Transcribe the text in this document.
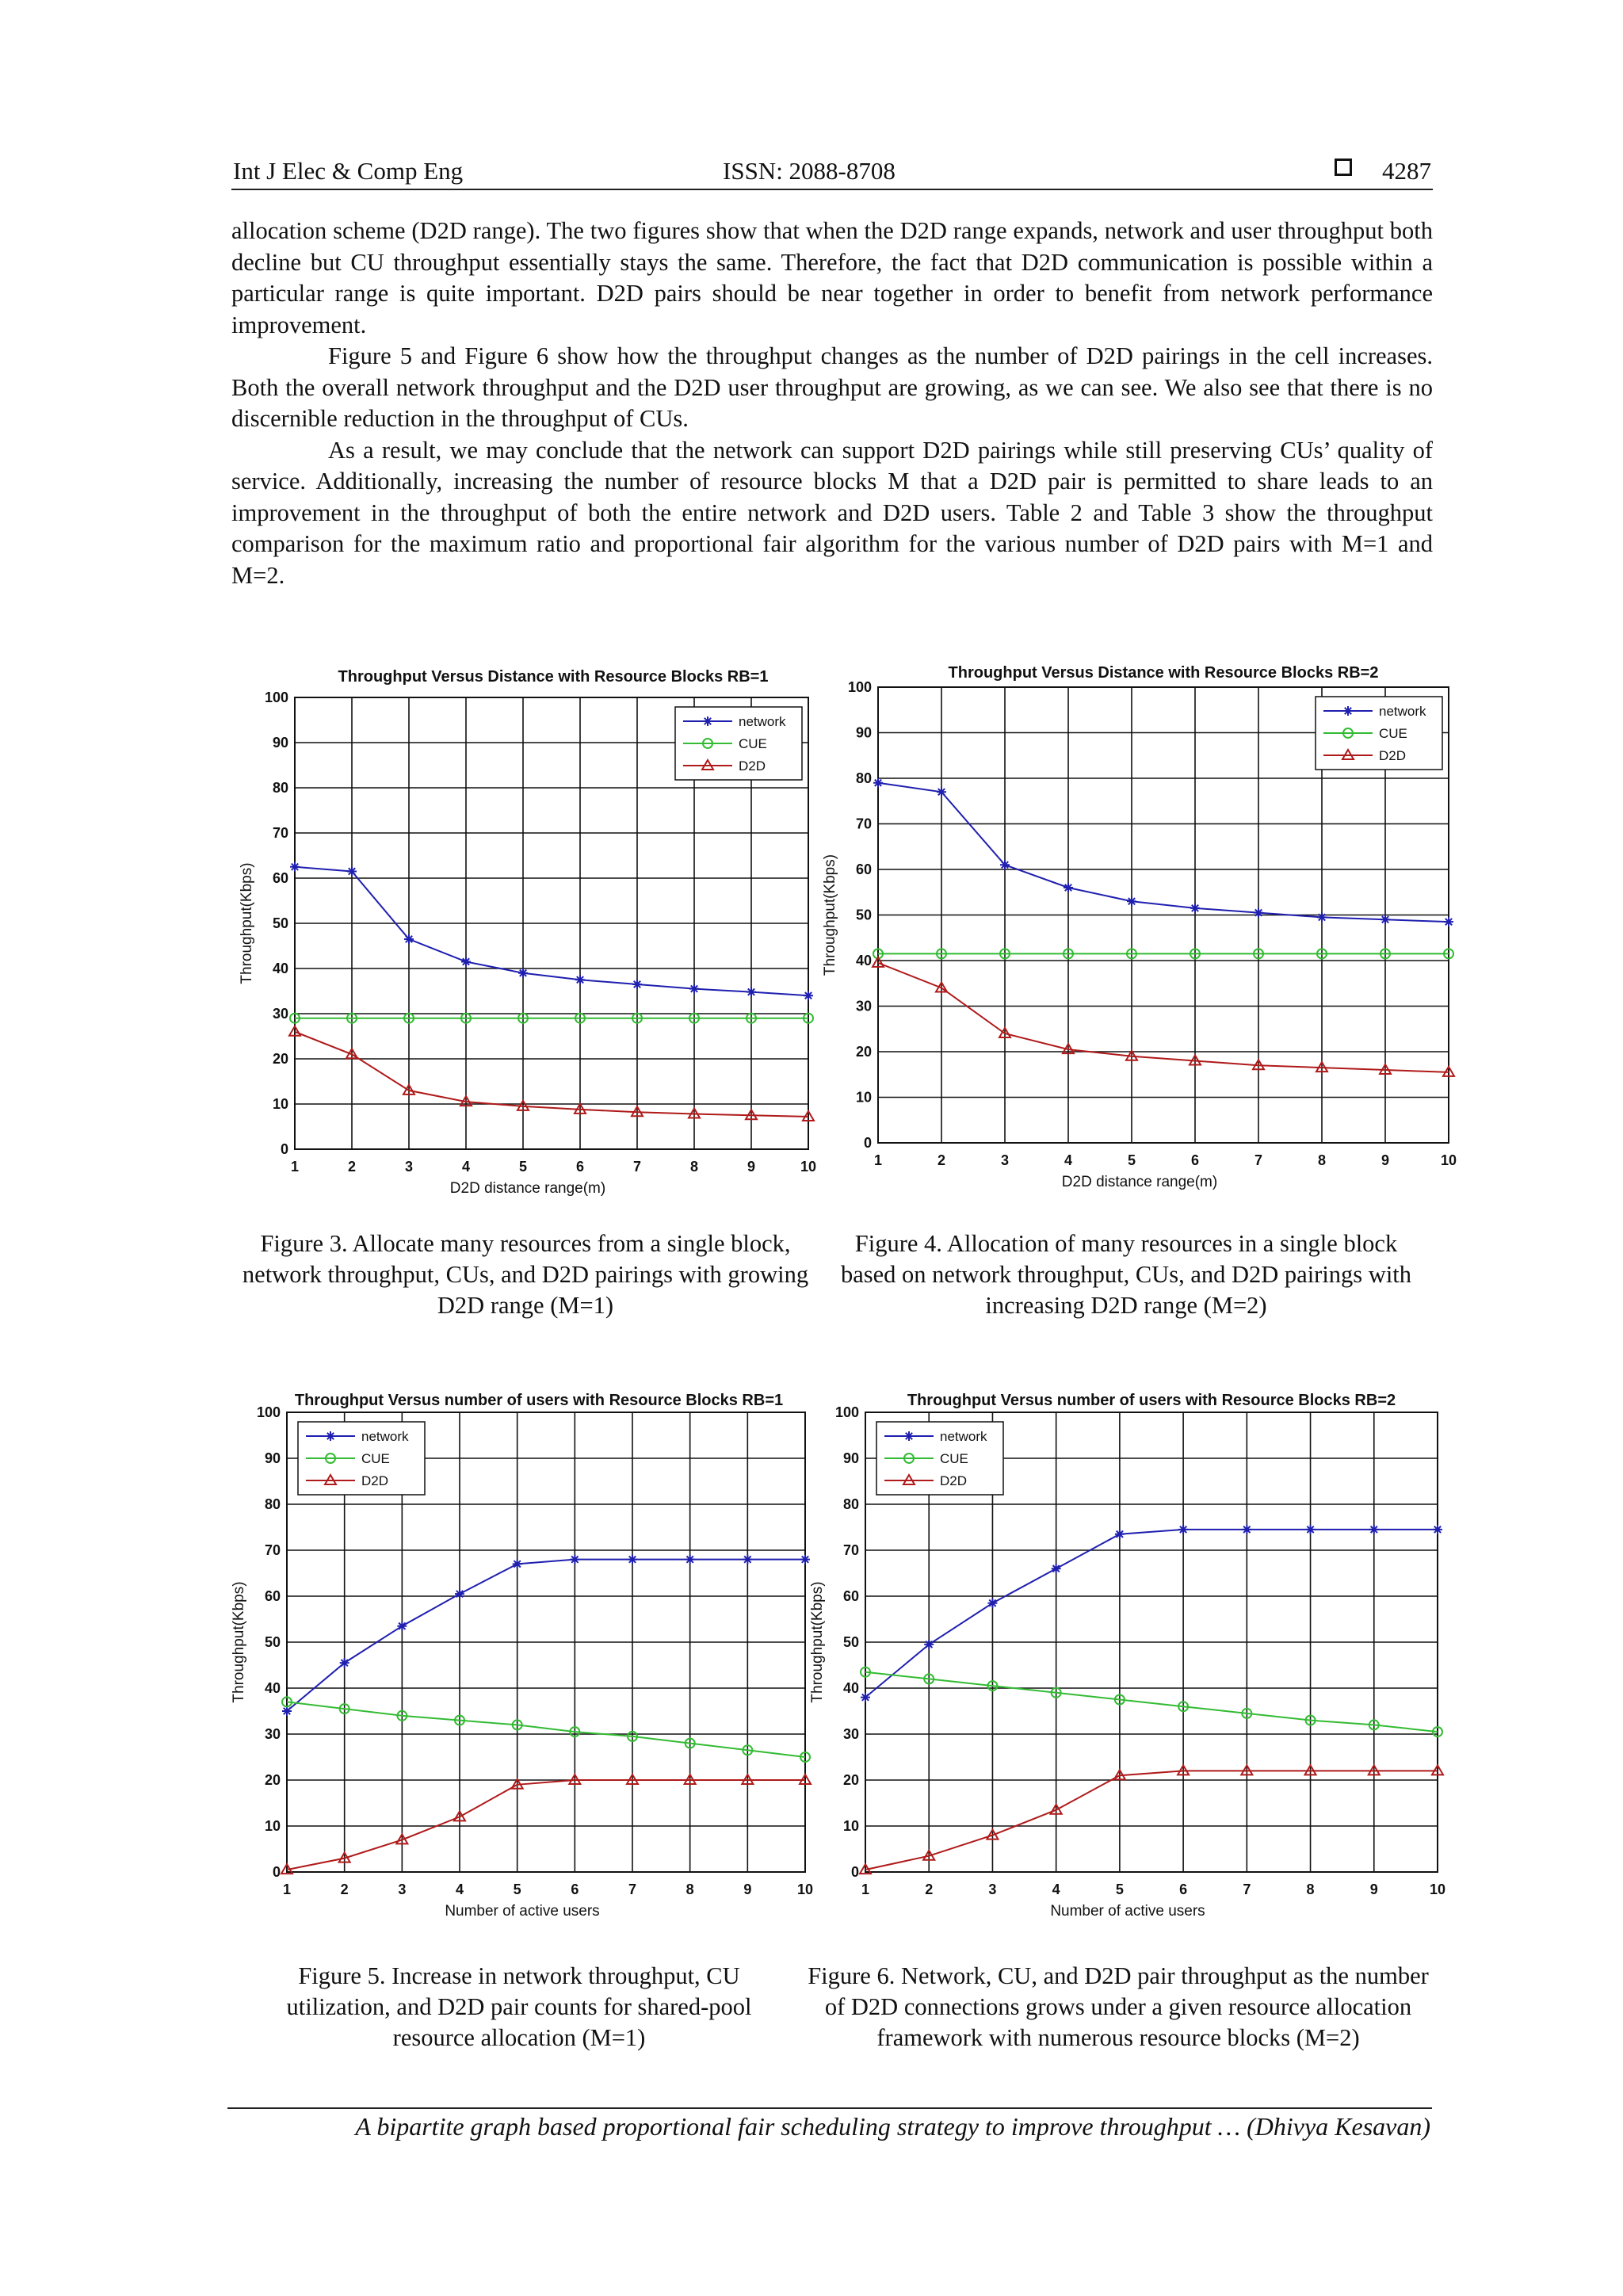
Int J Elec & Comp Eng	ISSN: 2088-8708	4287

allocation scheme (D2D range). The two figures show that when the D2D range expands, network and user throughput both decline but CU throughput essentially stays the same. Therefore, the fact that D2D communication is possible within a particular range is quite important. D2D pairs should be near together in order to benefit from network performance improvement.

Figure 5 and Figure 6 show how the throughput changes as the number of D2D pairings in the cell increases. Both the overall network throughput and the D2D user throughput are growing, as we can see. We also see that there is no discernible reduction in the throughput of CUs.

As a result, we may conclude that the network can support D2D pairings while still preserving CUs’ quality of service. Additionally, increasing the number of resource blocks M that a D2D pair is permitted to share leads to an improvement in the throughput of both the entire network and D2D users. Table 2 and Table 3 show the throughput comparison for the maximum ratio and proportional fair algorithm for the various number of D2D pairs with M=1 and M=2.

Throughput Versus Distance with Resource Blocks RB=1
0
10
20
30
40
50
60
70
80
90
100
1	2	3	4	5	6	7	8	9	10
D2D distance range(m)
Throughput(Kbps)
network
CUE
D2D
Throughput Versus Distance with Resource Blocks RB=2
0
10
20
30
40
50
60
70
80
90
100
1	2	3	4	5	6	7	8	9	10
D2D distance range(m)
Throughput(Kbps)
network
CUE
D2D
Throughput Versus number of users with Resource Blocks RB=1
0
10
20
30
40
50
60
70
80
90
100
1	2	3	4	5	6	7	8	9	10
Number of active users
Throughput(Kbps)
network
CUE
D2D
Throughput Versus number of users with Resource Blocks RB=2
0
10
20
30
40
50
60
70
80
90
100
1	2	3	4	5	6	7	8	9	10
Number of active users
Throughput(Kbps)
network
CUE
D2D
Figure 3. Allocate many resources from a single block, network throughput, CUs, and D2D pairings with growing D2D range (M=1)
Figure 4. Allocation of many resources in a single block based on network throughput, CUs, and D2D pairings with increasing D2D range (M=2)
Figure 5. Increase in network throughput, CU utilization, and D2D pair counts for shared-pool resource allocation (M=1)
Figure 6. Network, CU, and D2D pair throughput as the number of D2D connections grows under a given resource allocation framework with numerous resource blocks (M=2)
A bipartite graph based proportional fair scheduling strategy to improve throughput … (Dhivya Kesavan)
